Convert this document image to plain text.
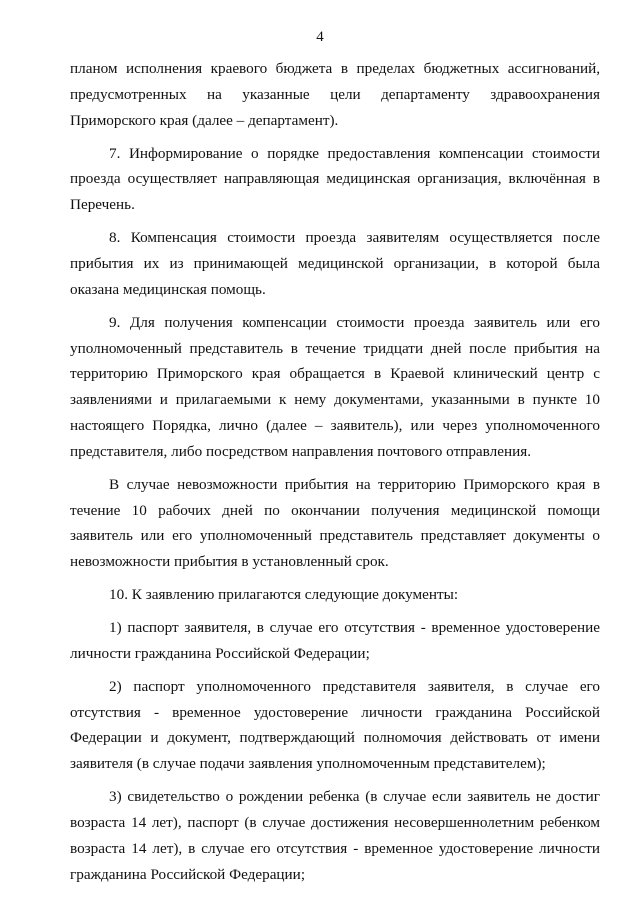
4

планом исполнения краевого бюджета в пределах бюджетных ассигнований, предусмотренных на указанные цели департаменту здравоохранения Приморского края (далее – департамент).

7. Информирование о порядке предоставления компенсации стоимости проезда осуществляет направляющая медицинская организация, включённая в Перечень.

8. Компенсация стоимости проезда заявителям осуществляется после прибытия их из принимающей медицинской организации, в которой была оказана медицинская помощь.

9. Для получения компенсации стоимости проезда заявитель или его уполномоченный представитель в течение тридцати дней после прибытия на территорию Приморского края обращается в Краевой клинический центр с заявлениями и прилагаемыми к нему документами, указанными в пункте 10 настоящего Порядка, лично (далее – заявитель), или через уполномоченного представителя, либо посредством направления почтового отправления.

В случае невозможности прибытия на территорию Приморского края в течение 10 рабочих дней по окончании получения медицинской помощи заявитель или его уполномоченный представитель представляет документы о невозможности прибытия в установленный срок.

10. К заявлению прилагаются следующие документы:

1) паспорт заявителя, в случае его отсутствия - временное удостоверение личности гражданина Российской Федерации;

2) паспорт уполномоченного представителя заявителя, в случае его отсутствия - временное удостоверение личности гражданина Российской Федерации и документ, подтверждающий полномочия действовать от имени заявителя (в случае подачи заявления уполномоченным представителем);

3) свидетельство о рождении ребенка (в случае если заявитель не достиг возраста 14 лет), паспорт (в случае достижения несовершеннолетним ребенком возраста 14 лет), в случае его отсутствия - временное удостоверение личности гражданина Российской Федерации;
